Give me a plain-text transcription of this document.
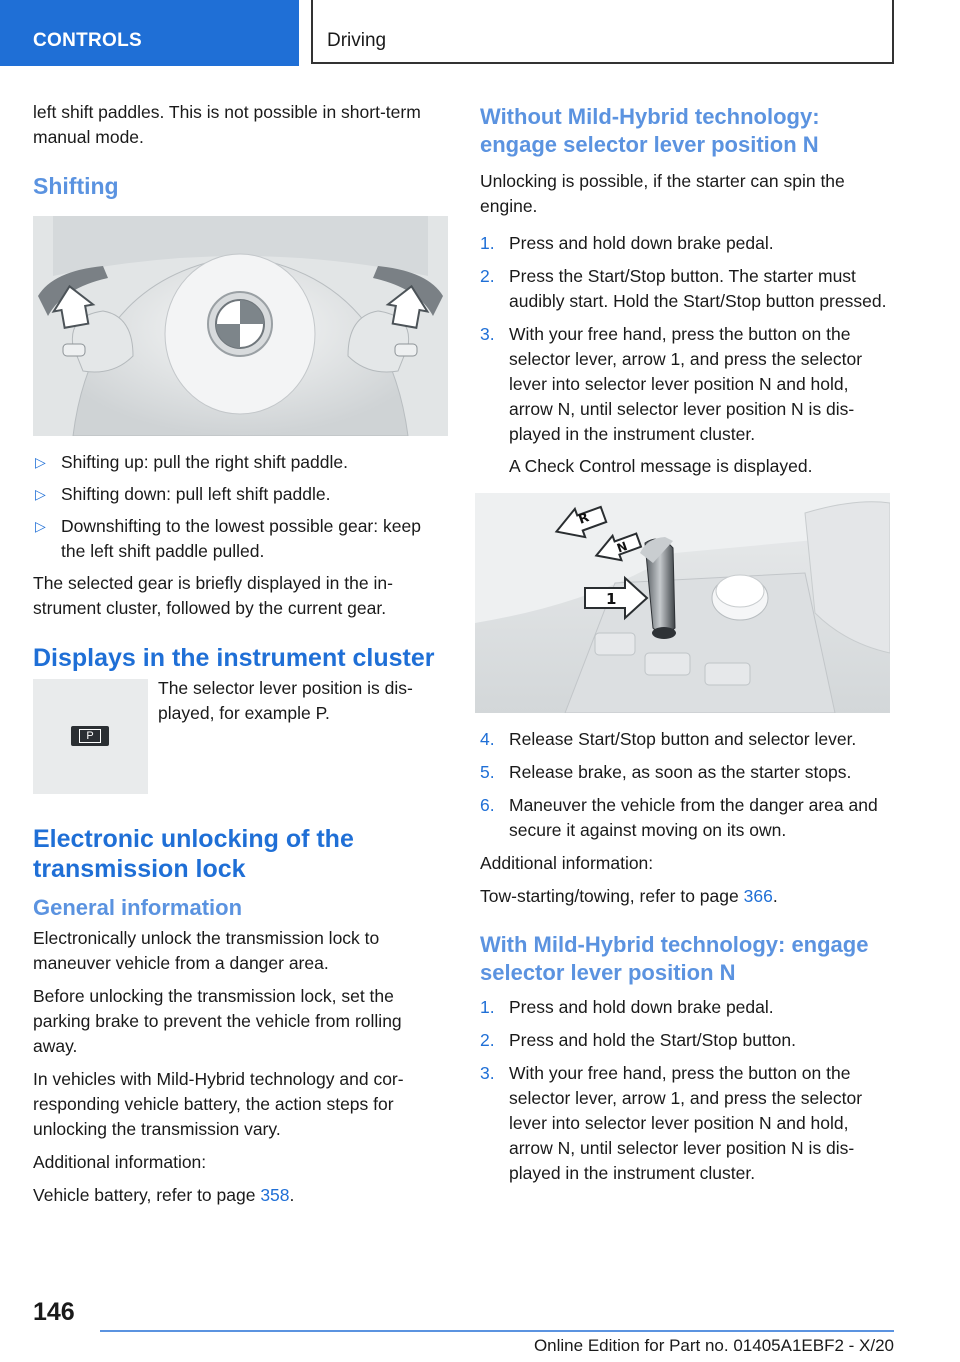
CONTROLS	Driving

left shift paddles. This is not possible in short-term manual mode.

Shifting
▷ Shifting up: pull the right shift paddle.
▷ Shifting down: pull left shift paddle.
▷ Downshifting to the lowest possible gear: keep the left shift paddle pulled.

The selected gear is briefly displayed in the in-strument cluster, followed by the current gear.

Displays in the instrument cluster
P

The selector lever position is dis-played, for example P.

Electronic unlocking of the transmission lock
General information

Electronically unlock the transmission lock to maneuver vehicle from a danger area.

Before unlocking the transmission lock, set the parking brake to prevent the vehicle from rolling away.

In vehicles with Mild-Hybrid technology and cor-responding vehicle battery, the action steps for unlocking the transmission vary.

Additional information:

Vehicle battery, refer to page 358.

Without Mild-Hybrid technology: engage selector lever position N

Unlocking is possible, if the starter can spin the engine.

1. Press and hold down brake pedal.
2. Press the Start/Stop button. The starter must audibly start. Hold the Start/Stop button pressed.
3. With your free hand, press the button on the selector lever, arrow 1, and press the selector lever into selector lever position N and hold, arrow N, until selector lever position N is dis-played in the instrument cluster.
A Check Control message is displayed.
R
N
1
4. Release Start/Stop button and selector lever.
5. Release brake, as soon as the starter stops.
6. Maneuver the vehicle from the danger area and secure it against moving on its own.

Additional information:

Tow-starting/towing, refer to page 366.

With Mild-Hybrid technology: engage selector lever position N
1. Press and hold down brake pedal.
2. Press and hold the Start/Stop button.
3. With your free hand, press the button on the selector lever, arrow 1, and press the selector lever into selector lever position N and hold, arrow N, until selector lever position N is dis-played in the instrument cluster.
146
Online Edition for Part no. 01405A1EBF2 - X/20
